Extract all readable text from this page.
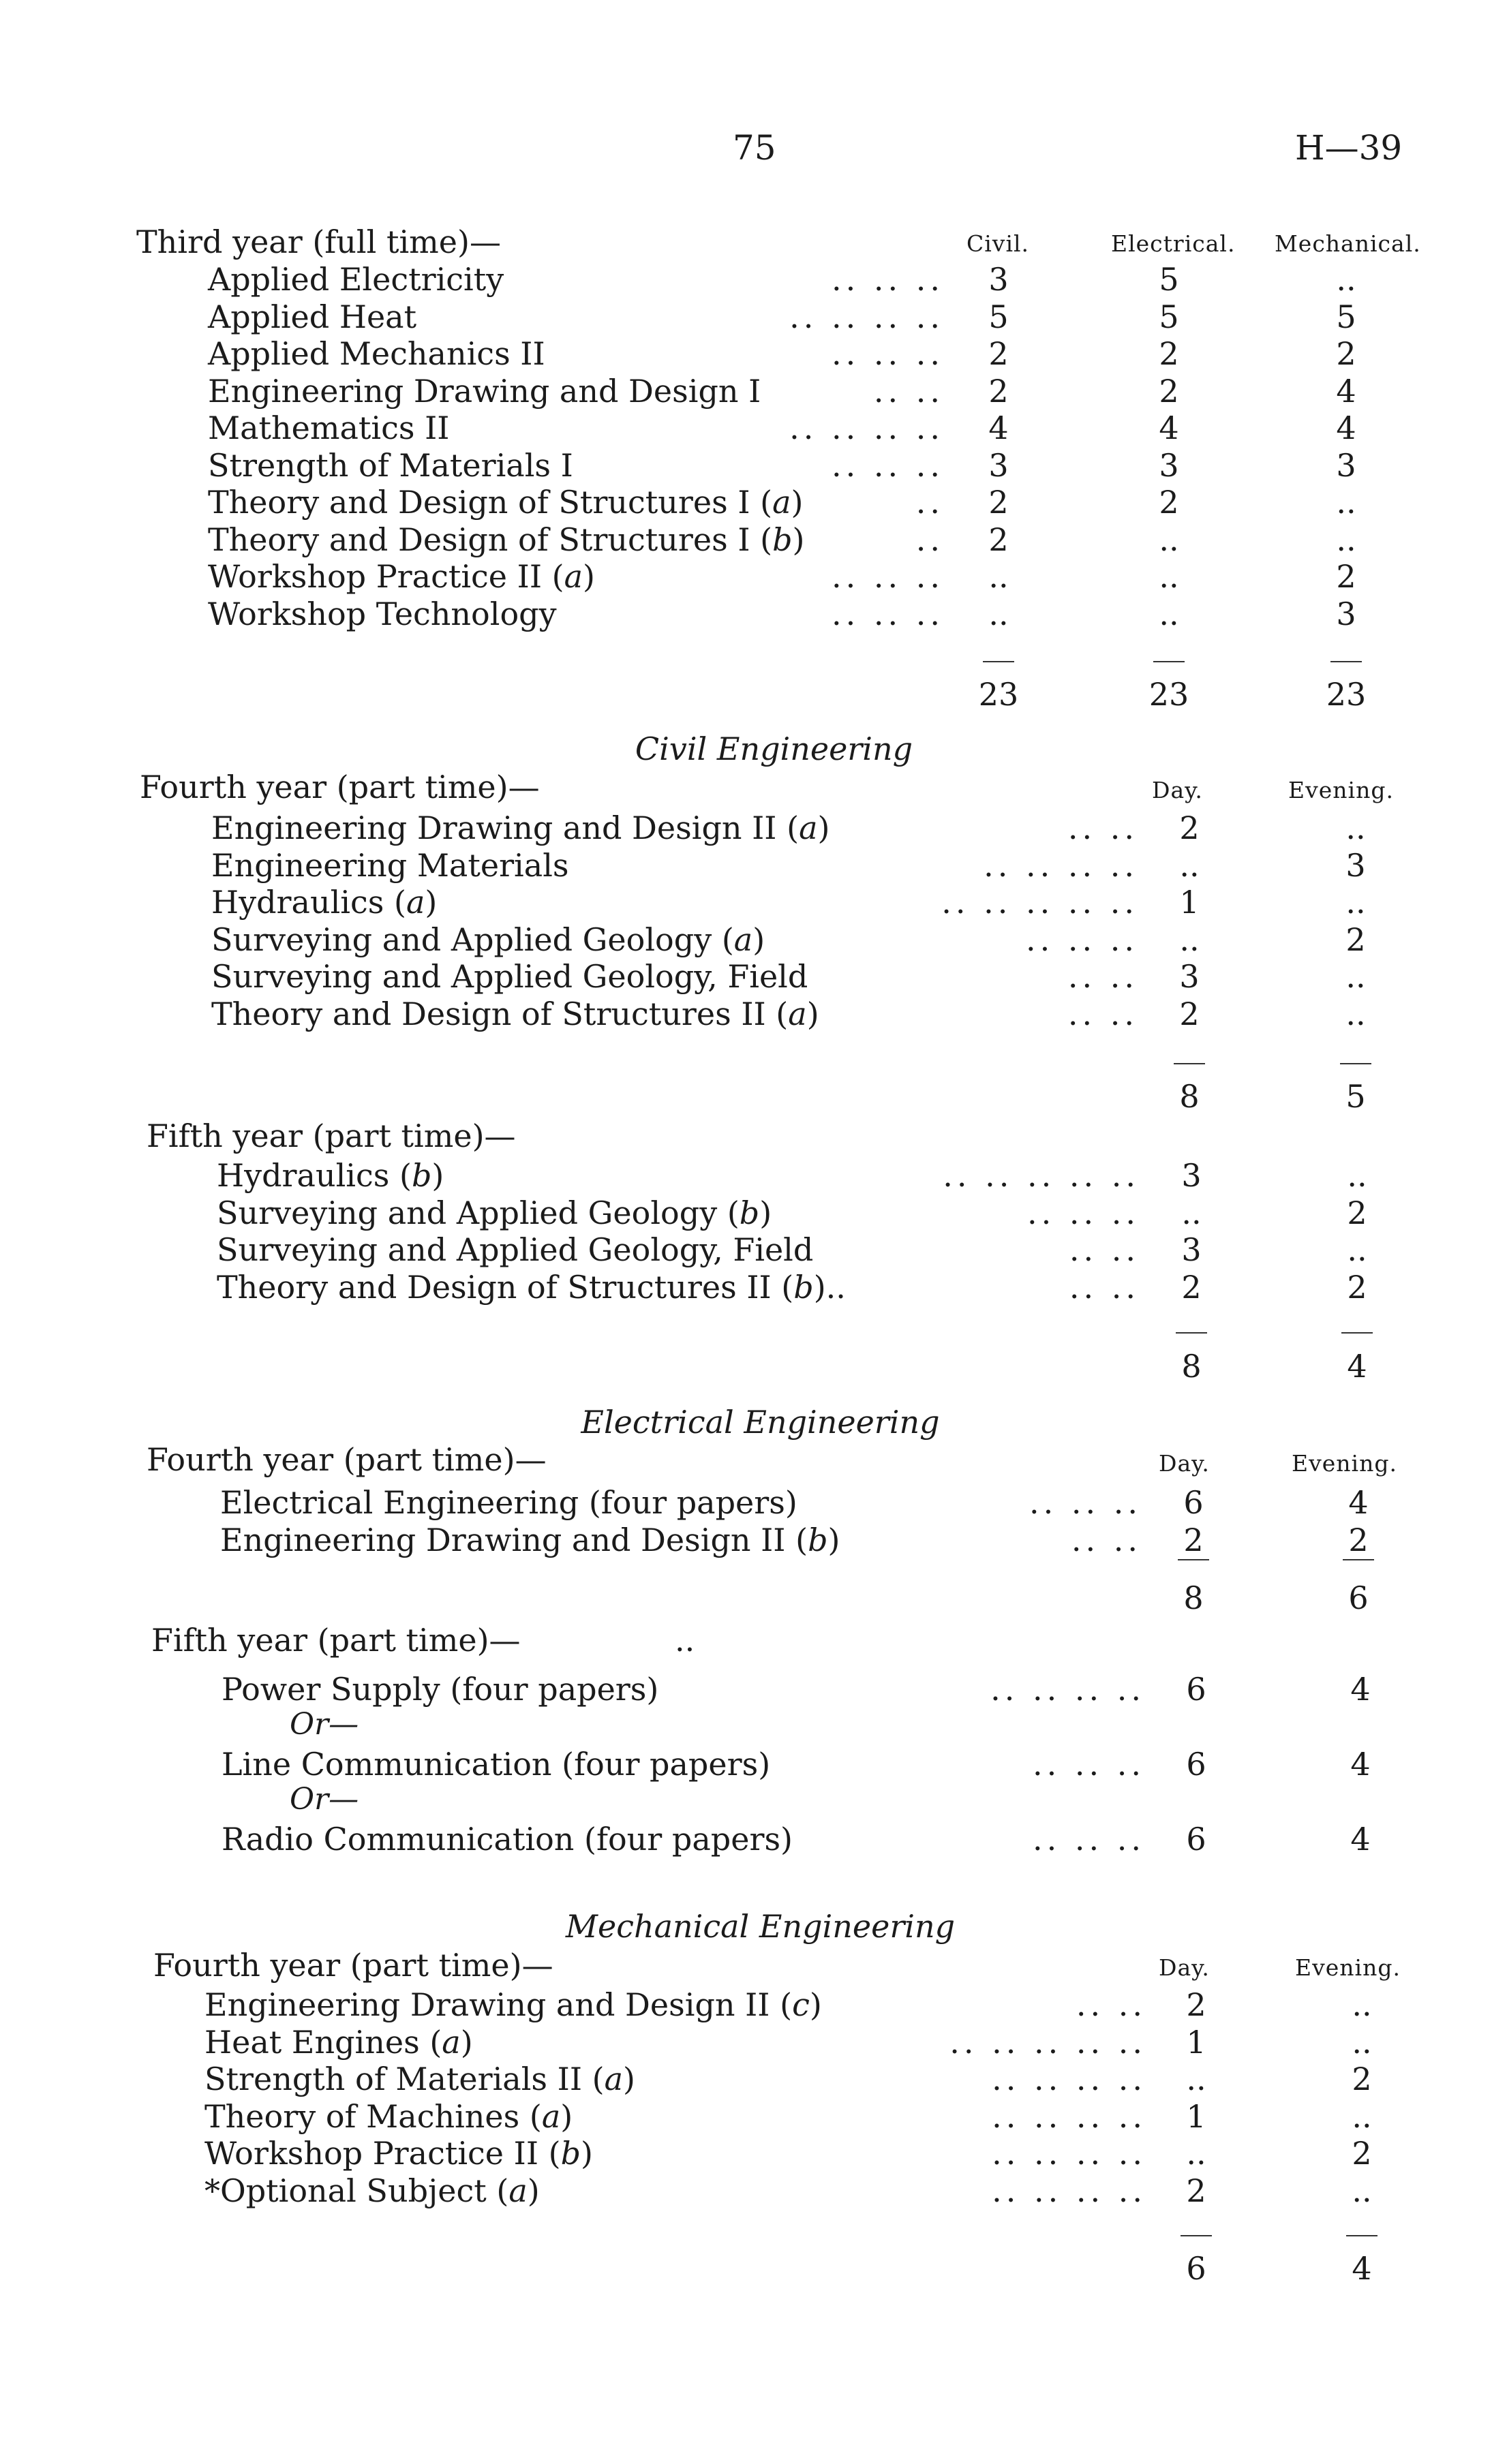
75	H—39
Third year (full time)—	Civil.	Electrical. Mechanical.
Applied Electricity	.. .. ..	3	5	..
Applied Heat	.. .. .. ..	5	5	5
Applied Mechanics II	.. .. ..	2	2	2
Engineering Drawing and Design I	.. ..	2	2	4
Mathematics II	.. .. .. ..	4	4	4
Strength of Materials I	.. .. ..	3	3	3
Theory and Design of Structures I (a)	..	2	2	..
Theory and Design of Structures I (b)	..	2	..	..
Workshop Practice II (a)	.. .. ..	..	..	2
Workshop Technology	.. .. ..	..	..	3
23	23	23
Civil Engineering
Fourth year (part time)—	Day.	Evening.
Engineering Drawing and Design II (a)	.. ..	2	..
Engineering Materials	.. .. .. ..	..	3
Hydraulics (a)	.. .. .. .. ..	1	..
Surveying and Applied Geology (a)	.. .. ..	..	2
Surveying and Applied Geology, Field	.. ..	3	..
Theory and Design of Structures II (a)	.. ..	2	..
8	5
Fifth year (part time)—
Hydraulics (b)	.. .. .. .. ..	3	..
Surveying and Applied Geology (b)	.. .. ..	..	2
Surveying and Applied Geology, Field	.. ..	3	..
Theory and Design of Structures II (b)..	.. ..	2	2
8	4
Electrical Engineering
Fourth year (part time)—	Day.	Evening.
Electrical Engineering (four papers)	.. .. ..	6	4
Engineering Drawing and Design II (b)	.. ..	2	2
8	6
Fifth year (part time)—	..
Power Supply (four papers)	.. .. .. ..	6	4
Line Communication (four papers)	.. .. ..	6	4
Radio Communication (four papers)	.. .. ..	6	4
Or—
Or—
Mechanical Engineering
Fourth year (part time)—	Day.	Evening.
Engineering Drawing and Design II (c)	.. ..	2	..
Heat Engines (a)	.. .. .. .. ..	1	..
Strength of Materials II (a)	.. .. .. ..	..	2
Theory of Machines (a)	.. .. .. ..	1	..
Workshop Practice II (b)	.. .. .. ..	..	2
*Optional Subject (a)	.. .. .. ..	2	..
6	4
